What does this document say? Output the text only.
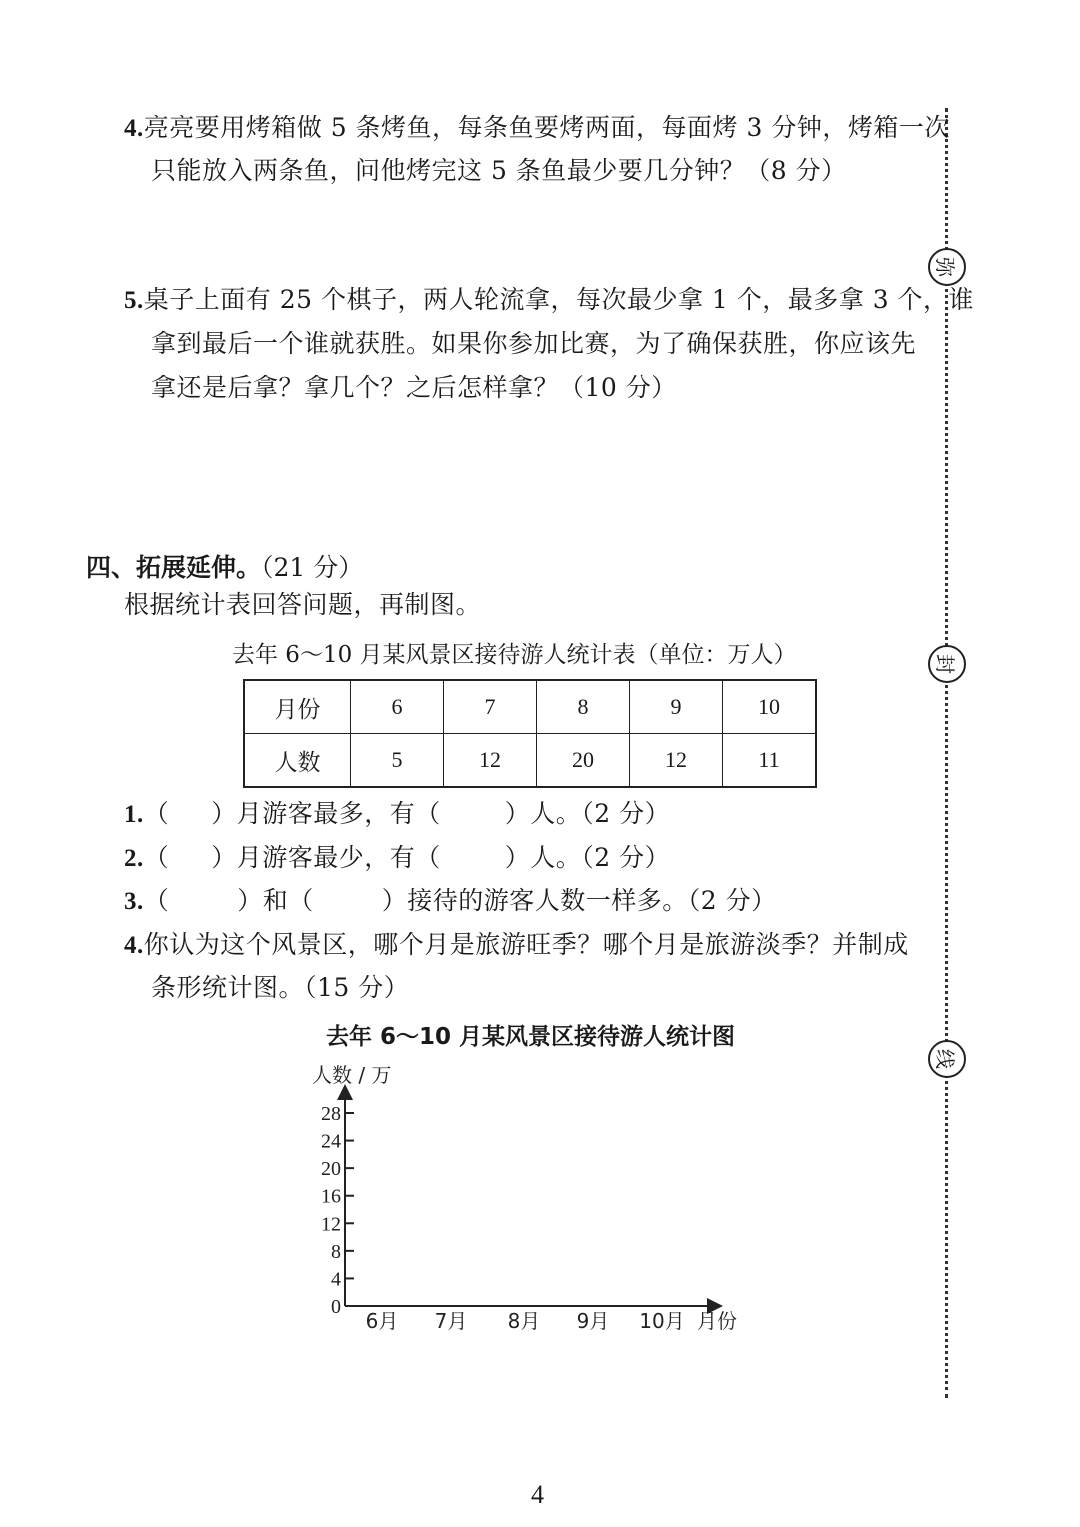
弥
封
线
4.亮亮要用烤箱做 5 条烤鱼，每条鱼要烤两面，每面烤 3 分钟，烤箱一次
只能放入两条鱼，问他烤完这 5 条鱼最少要几分钟？（8 分）
5.桌子上面有 25 个棋子，两人轮流拿，每次最少拿 1 个，最多拿 3 个，谁
拿到最后一个谁就获胜。如果你参加比赛，为了确保获胜，你应该先
拿还是后拿？拿几个？之后怎样拿？（10 分）
四、拓展延伸。（21 分）
根据统计表回答问题，再制图。
去年 6～10 月某风景区接待游人统计表（单位：万人）
月份	6	7	8	9	10
人数	5	12	20	12	11
1.（ ）月游客最多，有（	）人。（2 分）
2.（ ）月游客最少，有（	）人。（2 分）
3.（	）和（	）接待的游客人数一样多。（2 分）
4.你认为这个风景区，哪个月是旅游旺季？哪个月是旅游淡季？并制成
条形统计图。（15 分）
去年 6～10 月某风景区接待游人统计图
人数 / 万
月份
0
4
8
12
16
20
24
28
6月 7月 8月 9月 10月
4
